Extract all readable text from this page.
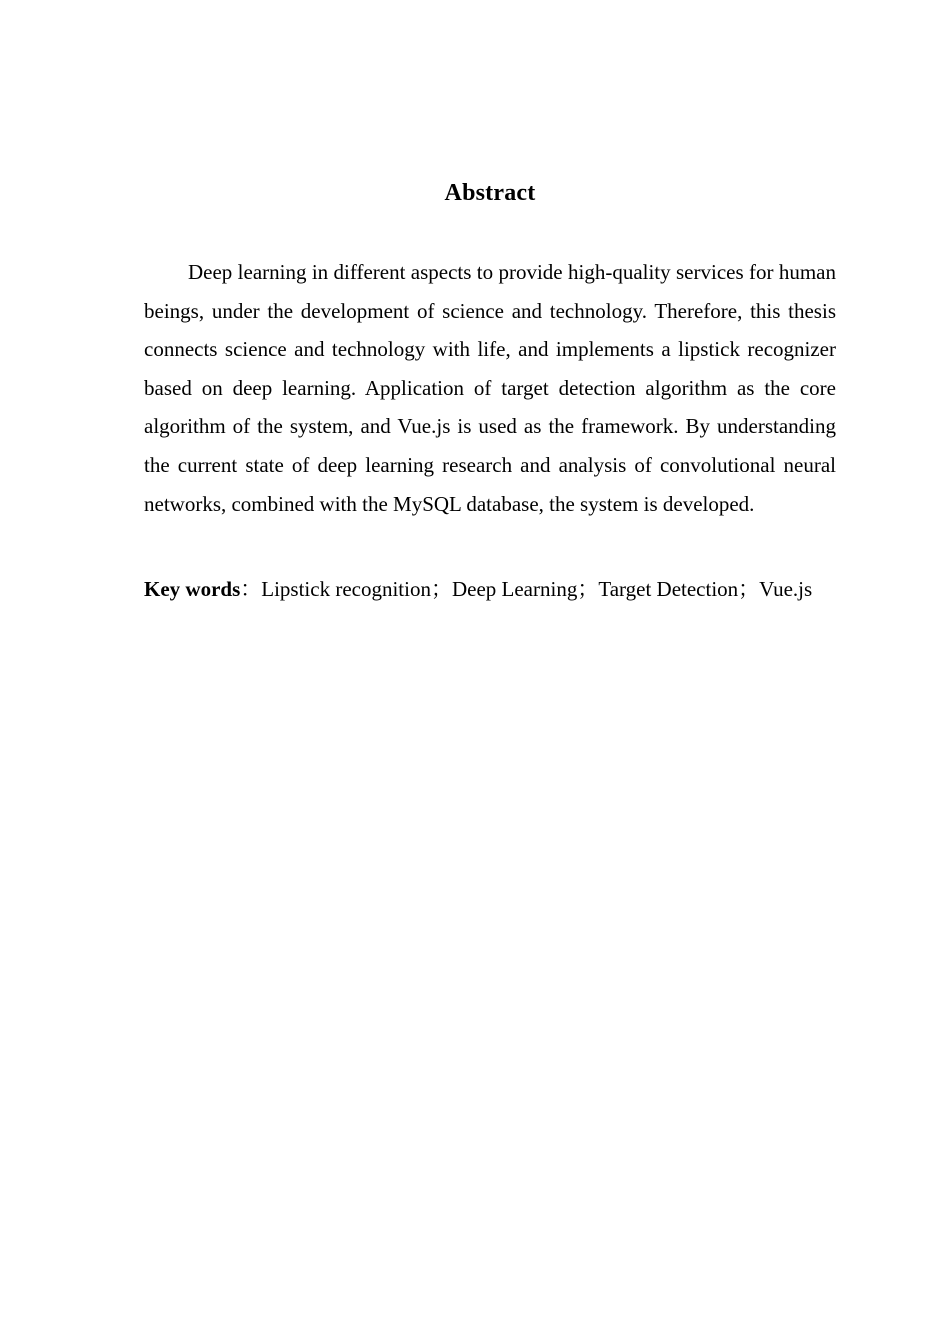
Abstract

Deep learning in different aspects to provide high-quality services for human beings, under the development of science and technology. Therefore, this thesis connects science and technology with life, and implements a lipstick recognizer based on deep learning. Application of target detection algorithm as the core algorithm of the system, and Vue.js is used as the framework. By understanding the current state of deep learning research and analysis of convolutional neural networks, combined with the MySQL database, the system is developed.

Key words：Lipstick recognition；Deep Learning；Target Detection；Vue.js
